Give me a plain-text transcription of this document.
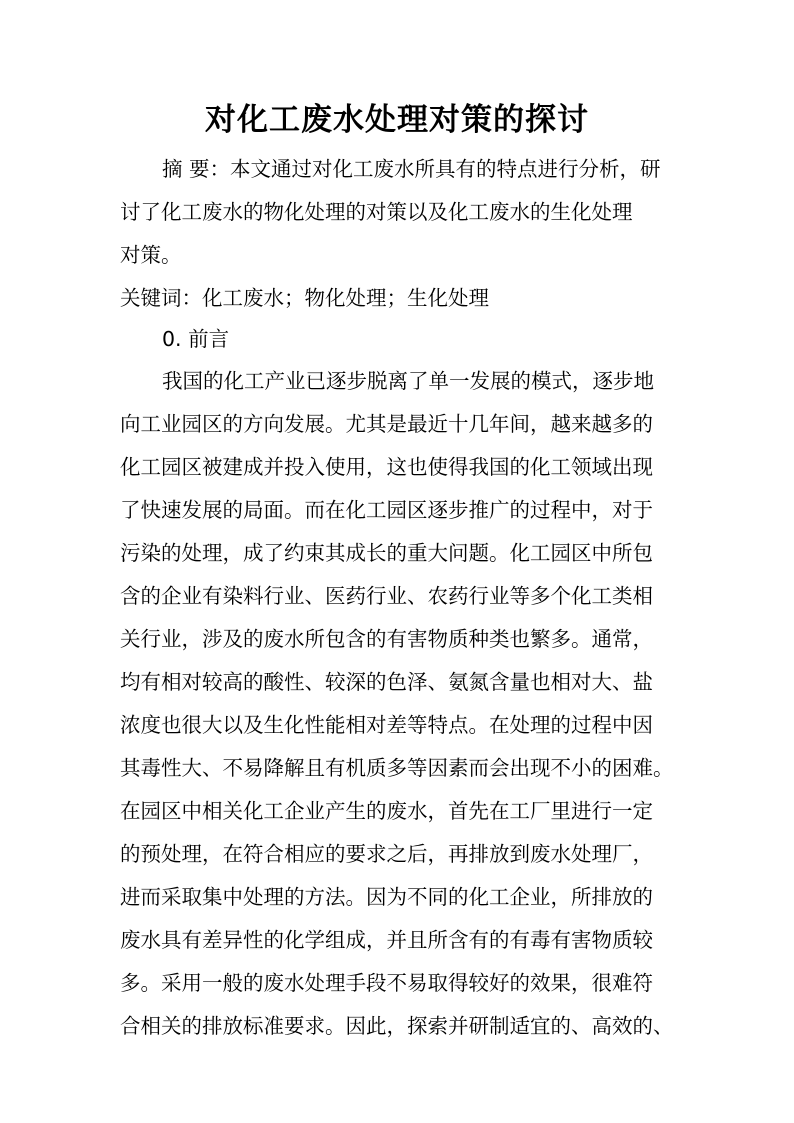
对化工废水处理对策的探讨
摘 要：本文通过对化工废水所具有的特点进行分析，研
讨了化工废水的物化处理的对策以及化工废水的生化处理
对策。
关键词：化工废水；物化处理；生化处理
0. 前言
我国的化工产业已逐步脱离了单一发展的模式，逐步地
向工业园区的方向发展。尤其是最近十几年间，越来越多的
化工园区被建成并投入使用，这也使得我国的化工领域出现
了快速发展的局面。而在化工园区逐步推广的过程中，对于
污染的处理，成了约束其成长的重大问题。化工园区中所包
含的企业有染料行业、医药行业、农药行业等多个化工类相
关行业，涉及的废水所包含的有害物质种类也繁多。通常，
均有相对较高的酸性、较深的色泽、氨氮含量也相对大、盐
浓度也很大以及生化性能相对差等特点。在处理的过程中因
其毒性大、不易降解且有机质多等因素而会出现不小的困难。
在园区中相关化工企业产生的废水，首先在工厂里进行一定
的预处理，在符合相应的要求之后，再排放到废水处理厂，
进而采取集中处理的方法。因为不同的化工企业，所排放的
废水具有差异性的化学组成，并且所含有的有毒有害物质较
多。采用一般的废水处理手段不易取得较好的效果，很难符
合相关的排放标准要求。因此，探索并研制适宜的、高效的、
